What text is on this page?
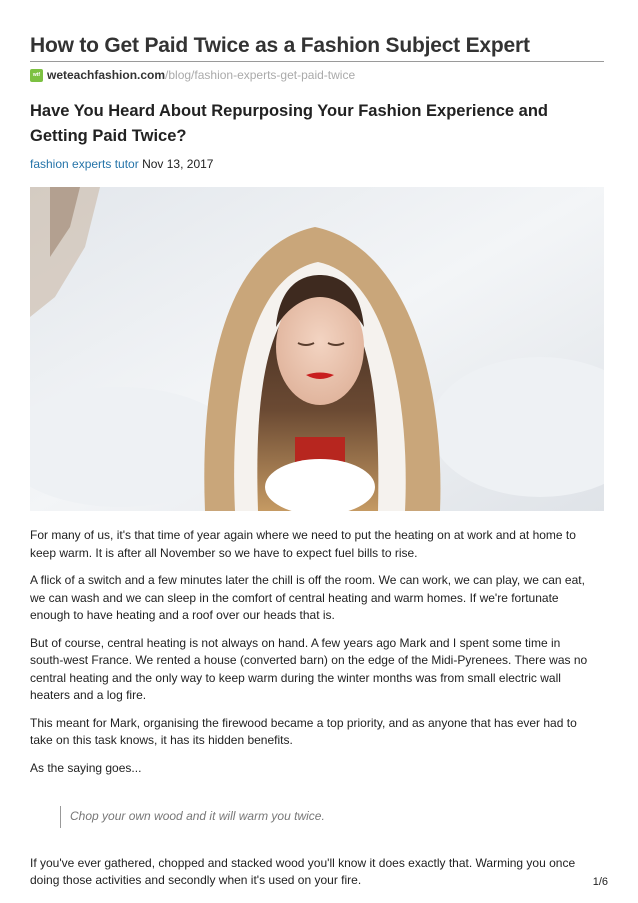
How to Get Paid Twice as a Fashion Subject Expert
wtf weteachfashion.com /blog/fashion-experts-get-paid-twice
Have You Heard About Repurposing Your Fashion Experience and Getting Paid Twice?
fashion experts tutor Nov 13, 2017

For many of us, it's that time of year again where we need to put the heating on at work and at home to keep warm. It is after all November so we have to expect fuel bills to rise.

A flick of a switch and a few minutes later the chill is off the room. We can work, we can play, we can eat, we can wash and we can sleep in the comfort of central heating and warm homes. If we're fortunate enough to have heating and a roof over our heads that is.

But of course, central heating is not always on hand. A few years ago Mark and I spent some time in south-west France. We rented a house (converted barn) on the edge of the Midi-Pyrenees. There was no central heating and the only way to keep warm during the winter months was from small electric wall heaters and a log fire.

This meant for Mark, organising the firewood became a top priority, and as anyone that has ever had to take on this task knows, it has its hidden benefits.

As the saying goes...

Chop your own wood and it will warm you twice.

If you've ever gathered, chopped and stacked wood you'll know it does exactly that. Warming you once doing those activities and secondly when it's used on your fire.	1/6
